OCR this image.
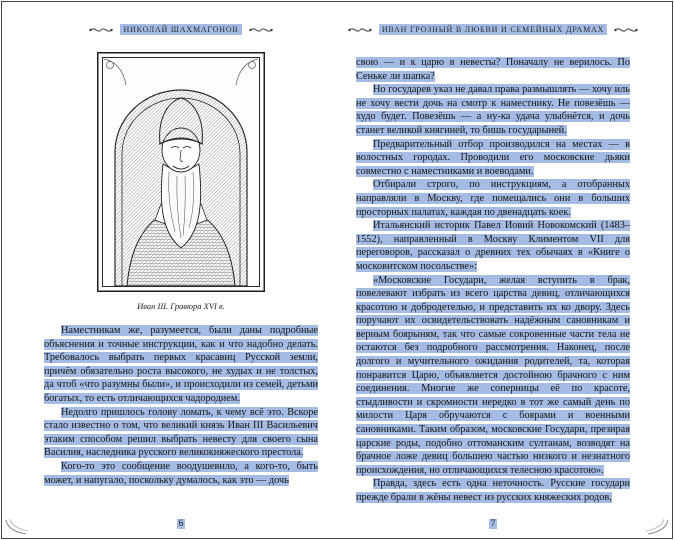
НИКОЛАЙ ШАХМАГОНОВ
Иван III. Гравюра XVI в.

Наместникам же, разумеется, были даны подробные объяснения и точные инструкции, как и что надобно делать. Требовалось выбрать первых красавиц Русской земли, причём обязательно роста высокого, не худых и не толстых, да чтоб «что разумны были», и происходили из семей, детьми богатых, то есть отличающихся чадородием.

Недолго пришлось голову ломать, к чему всё это. Вскоре стало известно о том, что великий князь Иван III Васильевич этаким способом решил выбрать невесту для своего сына Василия, наследника русского великокняжеского престола.

Кого-то это сообщение воодушевило, а кого-то, быть может, и напугало, поскольку думалось, как это — дочь

6
ИВАН ГРОЗНЫЙ В ЛЮБВИ И СЕМЕЙНЫХ ДРАМАХ

свою — и к царю в невесты? Поначалу не верилось. По Сеньке ли шапка?

Но государев указ не давал права размышлять — хочу иль не хочу вести дочь на смотр к наместнику. Не повезёшь — худо будет. Повезёшь — а ну-ка удача улыбнётся, и дочь станет великой княгиней, то бишь государыней.

Предварительный отбор производился на местах — в волостных городах. Проводили его московские дьяки совместно с наместниками и воеводами.

Отбирали строго, по инструкциям, а отобранных направляли в Москву, где помещались они в больших просторных палатах, каждая по двенадцать коек.

Итальянский историк Павел Иовий Новокомский (1483–1552), направленный в Москву Климентом VII для переговоров, рассказал о древних тех обычаях в «Книге о московитском посольстве»:

«Московские Государи, желая вступить в брак, повелевают избрать из всего царства девиц, отличающихся красотою и добродетелью, и представить их ко двору. Здесь поручают их освидетельствовать надёжным сановникам и верным боярыням, так что самые сокровенные части тела не остаются без подробного рассмотрения. Наконец, после долгого и мучительного ожидания родителей, та, которая понравится Царю, объявляется достойною брачного с ним соединения. Многие же соперницы её по красоте, стыдливости и скромности нередко в тот же самый день по милости Царя обручаются с боярами и военными сановниками. Таким образом, московские Государи, презирая царские роды, подобно оттоманским султанам, возводят на брачное ложе девиц большею частью низкого и незнатного происхождения, но отличающихся телесною красотою».

Правда, здесь есть одна неточность. Русские государи прежде брали в жёны невест из русских княжеских родов,

7
